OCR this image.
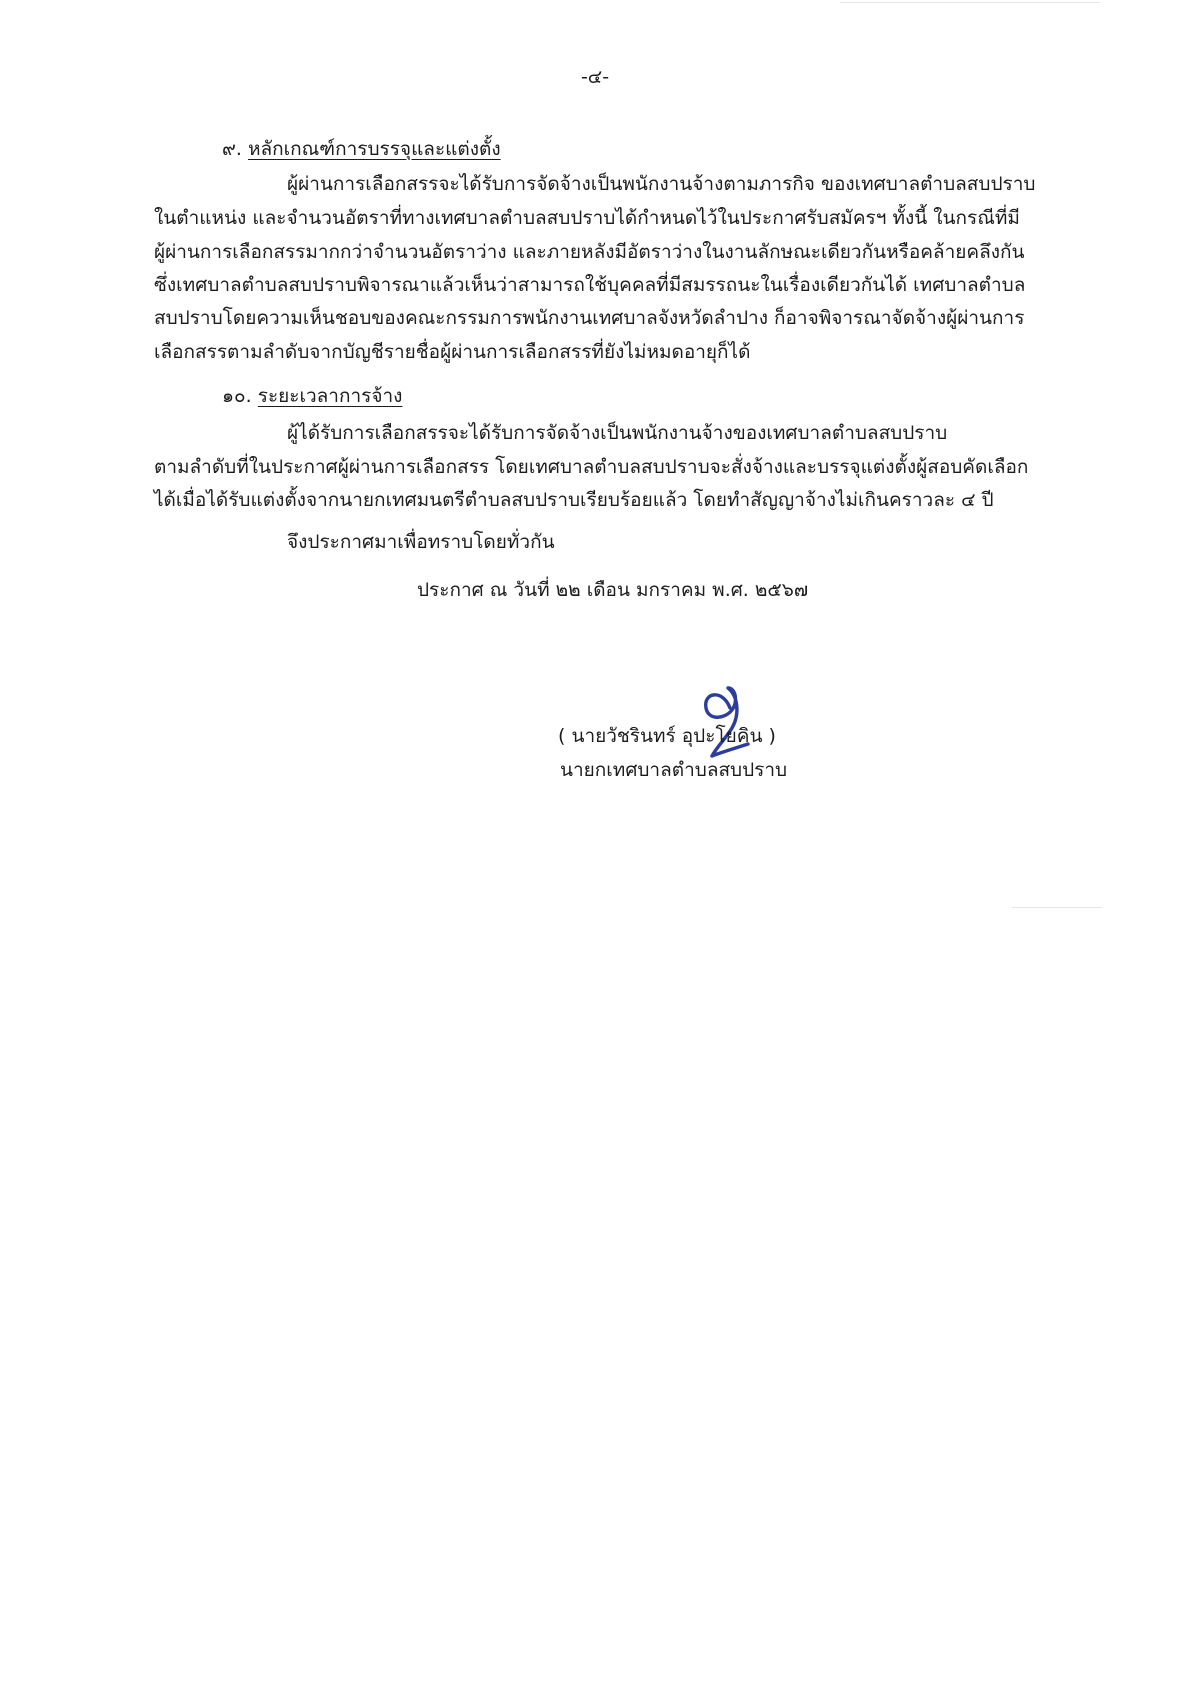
-๔-
๙. หลักเกณฑ์การบรรจุและแต่งตั้ง
ผู้ผ่านการเลือกสรรจะได้รับการจัดจ้างเป็นพนักงานจ้างตามภารกิจ ของเทศบาลตำบลสบปราบ
ในตำแหน่ง และจำนวนอัตราที่ทางเทศบาลตำบลสบปราบได้กำหนดไว้ในประกาศรับสมัครฯ ทั้งนี้ ในกรณีที่มี
ผู้ผ่านการเลือกสรรมากกว่าจำนวนอัตราว่าง และภายหลังมีอัตราว่างในงานลักษณะเดียวกันหรือคล้ายคลึงกัน
ซึ่งเทศบาลตำบลสบปราบพิจารณาแล้วเห็นว่าสามารถใช้บุคคลที่มีสมรรถนะในเรื่องเดียวกันได้ เทศบาลตำบล
สบปราบโดยความเห็นชอบของคณะกรรมการพนักงานเทศบาลจังหวัดลำปาง ก็อาจพิจารณาจัดจ้างผู้ผ่านการ
เลือกสรรตามลำดับจากบัญชีรายชื่อผู้ผ่านการเลือกสรรที่ยังไม่หมดอายุก็ได้
๑๐. ระยะเวลาการจ้าง
ผู้ได้รับการเลือกสรรจะได้รับการจัดจ้างเป็นพนักงานจ้างของเทศบาลตำบลสบปราบ
ตามลำดับที่ในประกาศผู้ผ่านการเลือกสรร โดยเทศบาลตำบลสบปราบจะสั่งจ้างและบรรจุแต่งตั้งผู้สอบคัดเลือก
ได้เมื่อได้รับแต่งตั้งจากนายกเทศมนตรีตำบลสบปราบเรียบร้อยแล้ว โดยทำสัญญาจ้างไม่เกินคราวละ ๔ ปี
จึงประกาศมาเพื่อทราบโดยทั่วกัน
ประกาศ ณ วันที่ ๒๒ เดือน มกราคม พ.ศ. ๒๕๖๗
( นายวัชรินทร์ อุปะโยคิน )
นายกเทศบาลตำบลสบปราบ
